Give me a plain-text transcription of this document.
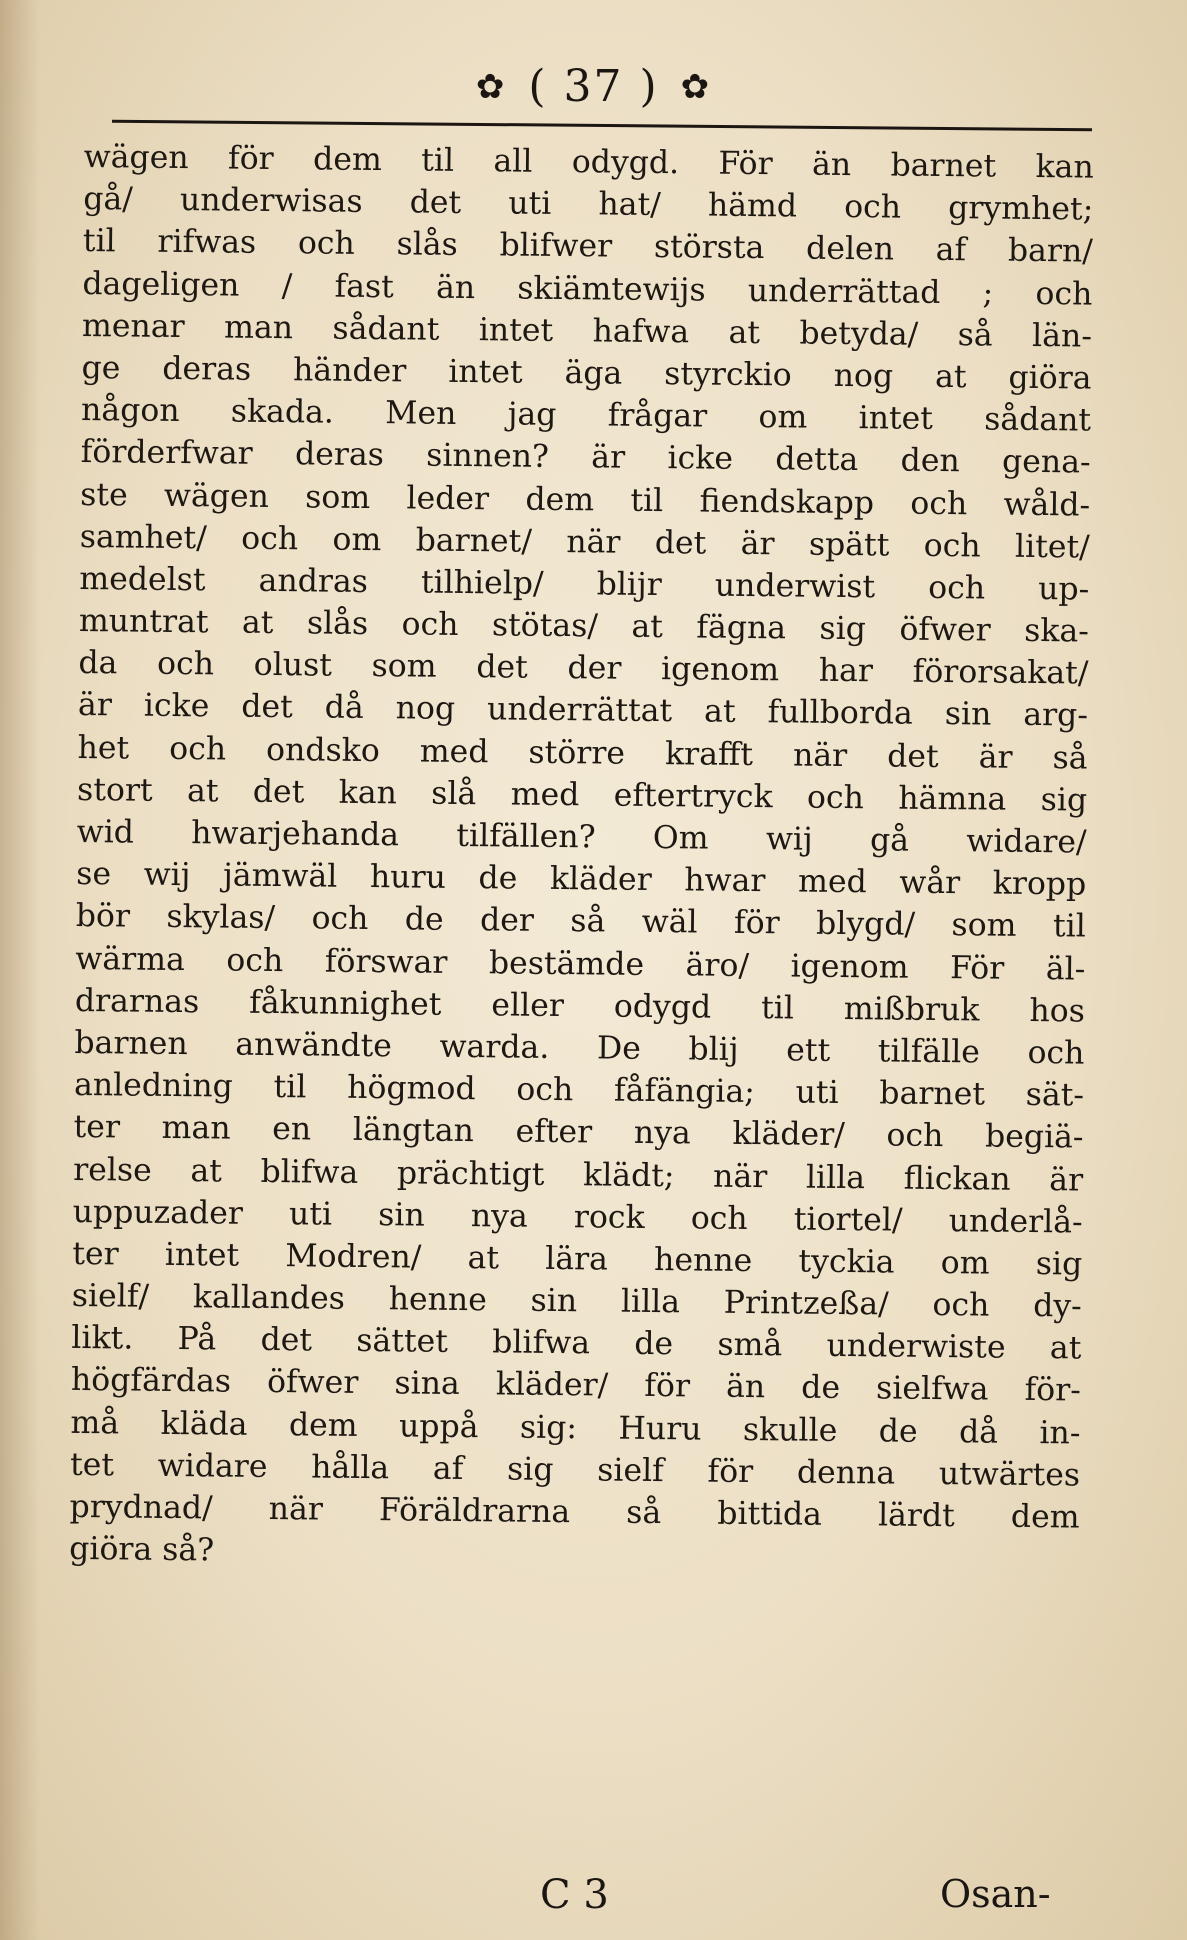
✿ ( 37 ) ✿
wägen för dem til all odygd. För än barnet kan
gå/ underwisas det uti hat/ hämd och grymhet;
til rifwas och slås blifwer största delen af barn/
dageligen / fast än skiämtewijs underrättad ; och
menar man sådant intet hafwa at betyda/ så län-
ge deras händer intet äga styrckio nog at giöra
någon skada. Men jag frågar om intet sådant
förderfwar deras sinnen? är icke detta den gena-
ste wägen som leder dem til fiendskapp och wåld-
samhet/ och om barnet/ när det är spätt och litet/
medelst andras tilhielp/ blijr underwist och up-
muntrat at slås och stötas/ at fägna sig öfwer ska-
da och olust som det der igenom har förorsakat/
är icke det då nog underrättat at fullborda sin arg-
het och ondsko med större krafft när det är så
stort at det kan slå med eftertryck och hämna sig
wid hwarjehanda tilfällen? Om wij gå widare/
se wij jämwäl huru de kläder hwar med wår kropp
bör skylas/ och de der så wäl för blygd/ som til
wärma och förswar bestämde äro/ igenom För äl-
drarnas fåkunnighet eller odygd til mißbruk hos
barnen anwändte warda. De blij ett tilfälle och
anledning til högmod och fåfängia; uti barnet sät-
ter man en längtan efter nya kläder/ och begiä-
relse at blifwa prächtigt klädt; när lilla flickan är
uppuzader uti sin nya rock och tiortel/ underlå-
ter intet Modren/ at lära henne tyckia om sig
sielf/ kallandes henne sin lilla Printzeßa/ och dy-
likt. På det sättet blifwa de små underwiste at
högfärdas öfwer sina kläder/ för än de sielfwa för-
må kläda dem uppå sig: Huru skulle de då in-
tet widare hålla af sig sielf för denna utwärtes
prydnad/ när Föräldrarna så bittida lärdt dem
giöra så?
C 3	Osan-
